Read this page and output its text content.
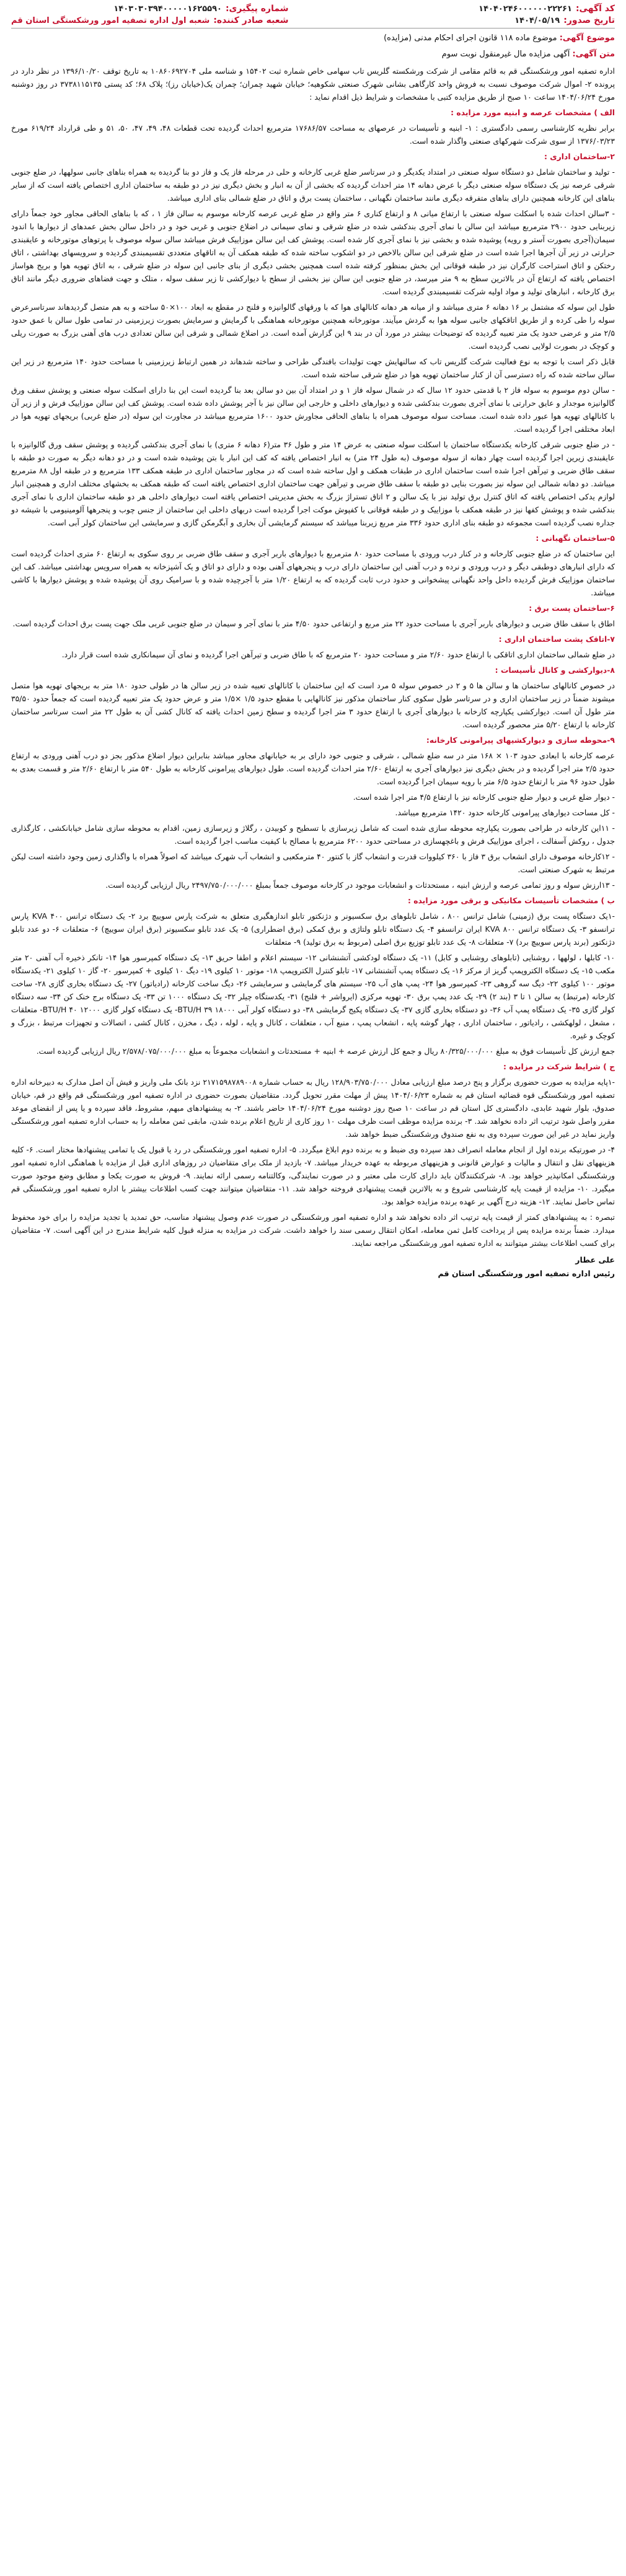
کد آگهی:
۱۴۰۴۰۲۴۶۰۰۰۰۰۰۲۲۲۶۱
تاریخ صدور:
۱۴۰۴/۰۵/۱۹
شماره پیگیری:
۱۴۰۳۰۳۰۳۹۴۰۰۰۰۰۱۶۲۵۵۹۰
شعبه صادر کننده:
شعبه اول اداره تصفیه امور ورشکستگی استان قم
موضوع آگهی: موضوع ماده ۱۱۸ قانون اجرای احکام مدنی (مزایده)
متن آگهی: آگهی مزایده مال غیرمنقول نوبت سوم

اداره تصفیه امور ورشکستگی قم به قائم مقامی از شرکت ورشکسته گلریس تاب سهامی خاص شماره ثبت ۱۵۴۰۲ و شناسه ملی ۱۰۸۶۰۶۹۲۷۰۴ به تاریخ توقف ۱۳۹۶/۱۰/۲۰ در نظر دارد در پرونده ۲- اموال شرکت موصوف نسبت به فروش واحد کارگاهی بشانی شهرک صنعتی شکوهیه؛ خیابان شهید چمران؛ چمران یک(خیابان رز)؛ پلاک ۶۸؛ کد پستی ۳۷۳۸۱۱۵۱۳۵ در روز دوشنبه مورخ ۱۴۰۴/۰۶/۲۴ ساعت ۱۰ صبح از طریق مزایده کتبی با مشخصات و شرایط ذیل اقدام نماید :

الف ) مشخصات عرصه و ابنیه مورد مزایده :

برابر نظریه کارشناسی رسمی دادگستری : ۱- ابنیه و تأسیسات در عرصهای به مساحت ۱۷۶۸۶/۵۷ مترمربع احداث گردیده تحت قطعات ۴۸، ۴۹، ۴۷، ۵۰، ۵۱ و طی قرارداد ۶۱۹/۲۴ مورخ ۱۳۷۶/۰۳/۲۳ از سوی شرکت شهرکهای صنعتی واگذار شده است.

۲-ساختمان اداری :

- تولید و ساختمان شامل دو دستگاه سوله صنعتی در امتداد یکدیگر و در سرتاسر ضلع غربی کارخانه و حلی در مرحله فاز یک و فاز دو بنا گردیده به همراه بناهای جانبی سولهها، در ضلع جنوبی شرقی عرصه نیز یک دستگاه سوله صنعتی دیگر با عرض دهانه ۱۴ متر احداث گردیده که بخشی از آن به انبار و بخش دیگری نیز در دو طبقه به ساختمان اداری اختصاص یافته است که از سایر بناهای این کارخانه همچنین دارای بناهای متفرقه دیگری مانند ساختمان نگهبانی ، ساختمان پست برق و اتاق در ضلع شمالی بنای اداری میباشد.

- ۳سالن احداث شده با اسکلت سوله صنعتی با ارتفاع میانی ۸ و ارتفاع کناری ۶ متر واقع در ضلع غربی عرصه کارخانه موسوم به سالن فاز ۱ ، که با بناهای الحاقی مجاور خود جمعاً دارای زیربنایی حدود ۲۹۰۰ مترمربع میباشد این سالن با نمای آجری بندکشی شده در ضلع شرقی و نمای سیمانی در اضلاع جنوبی و غربی خود و در داخل سالن بخش عمدهای از دیوارها با اندود سیمان(آجری بصورت آستر و رویه) پوشیده شده و بخشی نیز با نمای آجری کار شده است. پوشش کف این سالن موزاییک فرش میباشد سالن سوله موصوف با پرتوهای موتورخانه و عایقبندی حرارتی در زیر آن آجرها اجرا شده است در ضلع شرقی این سالن بالاخص در دو اشکوب ساخته شده که طبقه همکف آن به اتاقهای متعددی تقسیمبندی گردیده و سرویسهای بهداشتی ، اتاق رختکن و اتاق استراحت کارگران نیز در طبقه فوقانی این بخش بمنظور کرفته شده است همچنین بخشی دیگری از بنای جانبی این سوله در ضلع شرقی ، به اتاق تهویه هوا و بریج هواساز اختصاص یافته که ارتفاع آن در بالاترین سطح به ۹ متر میرسد، در ضلع جنوبی این سالن نیز بخشی از سطح با دیوارکشی تا زیر سقف سوله ، متلک و جهت فضاهای ضروری دیگر مانند اتاق برق کارخانه ، انبارهای تولید و مواد اولیه شرکت تقسیمبندی گردیده است.

طول این سوله که مشتمل بر ۱۶ دهانه ۶ متری میباشد و از میانه هر دهانه کانالهای هوا که با ورقهای گالوانیزه و فلنج در مقطع به ابعاد ۱۰۰×۵۰ ساخته و به هم متصل گردیدهاند سرتاسرعرض سوله را طی کرده و از طریق اتاقکهای جانبی سوله هوا به گردش میآیند. موتورخانه همچنین موتورخانه هماهنگی با گرمایش و سرمایش بصورت زیرزمینی در تمامی طول سالن با عمق حدود ۲/۵ متر و عرضی حدود یک متر تعبیه گردیده که توضیحات بیشتر در مورد آن در بند ۹ این گزارش آمده است. در اضلاع شمالی و شرقی این سالن تعدادی درب های آهنی بزرگ به صورت ریلی و کوچک در بصورت لولایی نصب گردیده است.

قابل ذکر است با توجه به نوع فعالیت شرکت گلریس تاب که سالنهایش جهت تولیدات بافندگی طراحی و ساخته شدهاند در همین ارتباط زیرزمینی با مساحت حدود ۱۴۰ مترمربع در زیر این سالن ساخته شده که راه دسترسی آن از کنار ساختمان تهویه هوا در ضلع شرقی ساخته شده است.

- سالن دوم موسوم به سوله فاز ۲ با قدمتی حدود ۱۲ سال که در شمال سوله فاز ۱ و در امتداد آن بین دو سالن بعد بنا گردیده است این بنا دارای اسکلت سوله صنعتی و پوشش سقف ورق گالوانیزه موجدار و عایق حرارتی با نمای آجری بصورت بندکشی شده و دیوارهای داخلی و خارجی این سالن نیز با آجر پوشش داده شده است. پوشش کف این سالن موزاییک فرش و از زیر آن با کانالهای تهویه هوا عبور داده شده است. مساحت سوله موصوف همراه با بناهای الحاقی مجاورش حدود ۱۶۰۰ مترمربع میباشد در مجاورت این سوله (در ضلع غربی) بریجهای تهویه هوا در ابعاد مختلفی اجرا گردیده است.

- در ضلع جنوبی شرقی کارخانه یکدستگاه ساختمان با اسکلت سوله صنعتی به عرض ۱۴ متر و طول ۳۶ متر(۶ دهانه ۶ متری) با نمای آجری بندکشی گردیده و پوشش سقف ورق گالوانیزه با عایقبندی زیرین اجرا گردیده است چهار دهانه از سوله موصوف (به طول ۲۴ متر) به انبار اختصاص یافته که کف این انبار با بتن پوشیده شده است و در دو دهانه دیگر به صورت دو طبقه با سقف طاق ضربی و تیرآهن اجرا شده است ساختمان اداری در طبقات همکف و اول ساخته شده است که در مجاور ساختمان اداری در طبقه همکف ۱۳۳ مترمربع و در طبقه اول ۸۸ مترمربع میباشد. دو دهانه شمالی این سوله نیز بصورت بنایی دو طبقه با سقف طاق ضربی و تیرآهن جهت ساختمان اداری اختصاص یافته است که طبقه همکف به بخشهای مختلف اداری و همچنین انبار لوازم یدکی اختصاص یافته که اتاق کنترل برق تولید نیز با یک سالن و ۲ اتاق تستراژ بزرگ به بخش مدیریتی اختصاص یافته است دیوارهای داخلی هر دو طبقه ساختمان اداری با نمای آجری بندکشی شده و پوشش کفها نیز در طبقه همکف با موزاییک و در طبقه فوقانی با کفپوش موکت اجرا گردیده است دربهای داخلی این ساختمان از جنس چوب و پنجرهها آلومینیومی با شیشه دو جداره نصب گردیده است مجموعه دو طبقه بنای اداری حدود ۳۳۶ متر مربع زیربنا میباشد که سیستم گرمایشی آن بخاری و آبگرمکن گازی و سرمایشی این ساختمان کولر آبی است.

۵-ساختمان نگهبانی :

این ساختمان که در ضلع جنوبی کارخانه و در کنار درب ورودی با مساحت حدود ۸۰ مترمربع با دیوارهای باربر آجری و سقف طاق ضربی بر روی سکوی به ارتفاع ۶۰ متری احداث گردیده است که دارای انبارهای دوطبقی دیگر و درب ورودی و نرده و درب آهنی این ساختمان دارای درب و پنجرههای آهنی بوده و دارای دو اتاق و یک آشپزخانه به همراه سرویس بهداشتی میباشد. کف این ساختمان موزاییک فرش گردیده داخل واحد نگهبانی پیشخوانی و حدود درب ثابت گردیده که به ارتفاع ۱/۲۰ متر با آجرچیده شده و با سرامیک روی آن پوشیده شده و پوشش دیوارها با کاشی میباشد.

۶-ساختمان پست برق :

اطاق با سقف طاق ضربی و دیوارهای باربر آجری با مساحت حدود ۲۲ متر مربع و ارتفاعی حدود ۴/۵۰ متر با نمای آجر و سیمان در ضلع جنوبی غربی ملک جهت پست برق احداث گردیده است.

۷-اتاقک پشت ساختمان اداری :

در ضلع شمالی ساختمان اداری اتاقکی با ارتفاع حدود ۲/۶۰ متر و مساحت حدود ۲۰ مترمربع که با طاق ضربی و تیرآهن اجرا گردیده و نمای آن سیمانکاری شده است قرار دارد.

۸-دیوارکشی و کانال تأسیسات :

در خصوص کانالهای ساختمان ها و سالن ها ۵ و ۲ در خصوص سوله ۵ مرد است که این ساختمان با کانالهای تعبیه شده در زیر سالن ها در طولی حدود ۱۸۰ متر به بریجهای تهویه هوا متصل میشوند ضمناً در زیر ساختمان اداری و در سرتاسر طول سکوی کنار ساختمان مذکور نیز کانالهایی با مقطع حدود ۱/۵ ×۱/۵ متر و عرض حدود یک متر تعبیه گردیده است که جمعاً حدود ۳۵/۵۰ متر طول آن است. دیوارکشی یکپارچه کارخانه با دیوارهای آجری با ارتفاع حدود ۳ متر اجرا گردیده و سطح زمین احداث یافته که کانال کشی آن به طول ۲۲ متر است سرتاسر ساختمان کارخانه با ارتفاع ۵/۲۰ متر محصور گردیده است.

۹-محوطه سازی و دیوارکشیهای پیرامونی کارخانه:

عرصه کارخانه با ابعادی حدود ۱۰۳ × ۱۶۸ متر در سه ضلع شمالی ، شرقی و جنوبی خود دارای بر به خیابانهای مجاور میباشد بنابراین دیوار اضلاع مذکور بجز دو درب آهنی ورودی به ارتفاع حدود ۲/۵ متر اجرا گردیده و در بخش دیگری نیز دیوارهای آجری به ارتفاع ۲/۶۰ متر احداث گردیده است. طول دیوارهای پیرامونی کارخانه به طول ۵۴۰ متر با ارتفاع ۲/۶۰ متر و قسمت بعدی به طول حدود ۹۶ متر با ارتفاع حدود ۶/۵ متر با رویه سیمان اجرا گردیده است.

- دیوار ضلع غربی و دیوار ضلع جنوبی کارخانه نیز با ارتفاع ۴/۵ متر اجرا شده است.

- کل مساحت دیوارهای پیرامونی کارخانه حدود ۱۴۲۰ مترمربع میباشد.

- ۱۱این کارخانه در طراحی بصورت یکپارچه محوطه سازی شده است که شامل زیرسازی با تسطیح و کوبیدن ، رگلاژ و زیرسازی زمین، اقدام به محوطه سازی شامل خیابانکشی ، کارگذاری جدول ، روکش آسفالت ، اجرای موزاییک فرش و باغچهسازی در مساحتی حدود ۶۲۰۰ مترمربع با مصالح با کیفیت مناسب اجرا گردیده است.

- ۱۲کارخانه موصوف دارای انشعاب برق ۳ فاز با ۳۶۰ کیلووات قدرت و انشعاب گاز با کنتور ۴۰ مترمکعبی و انشعاب آب شهرک میباشد که اصولاً همراه با واگذاری زمین وجود داشته است لیکن مرتبط به شهرک صنعتی است.

- ۱۳ارزش سوله و روز تمامی عرصه و ارزش ابنیه ، مستحدثات و انشعابات موجود در کارخانه موصوف جمعاً بمبلغ ۲۴۹۷/۷۵۰/۰۰۰/۰۰۰ ریال ارزیابی گردیده است.

ب ) مشخصات تأسیسات مکانیکی و برقی مورد مزایده :

-۱یک دستگاه پست برق (زمینی) شامل ترانس ۸۰۰ ، شامل تابلوهای برق سکسیونر و دژنکتور تابلو اندازهگیری متعلق به شرکت پارس سوییچ برد ۲- یک دستگاه ترانس ۴۰۰ KVA پارس ترانسفو ۳- یک دستگاه ترانس ۸۰۰ KVA ایران ترانسفو ۴- یک دستگاه تابلو ولتاژی و برق کمکی (برق اضطراری) ۵- یک عدد تابلو سکسیونر (برق ایران سوییچ) ۶- متعلقات ۶- دو عدد تابلو دژنکتور (برند پارس سوییچ برد) ۷- متعلقات ۸- یک عدد تابلو توزیع برق اصلی (مربوط به برق تولید) ۹- متعلقات

۱۰- کابلها ، لولهها ، روشنایی (تابلوهای روشنایی و کابل) ۱۱- یک دستگاه لودکشی آتشنشانی ۱۲- سیستم اعلام و اطفا حریق ۱۳- یک دستگاه کمپرسور هوا ۱۴- تانکر ذخیره آب آهنی ۲۰ متر مکعب ۱۵- یک دستگاه الکتروپمپ گریز از مرکز ۱۶- یک دستگاه پمپ آتشنشانی ۱۷- تابلو کنترل الکتروپمپ ۱۸- موتور ۱۰ کیلوی ۱۹- دیگ ۱۰ کیلوی + کمپرسور ۲۰- گاز ۱۰ کیلوی ۲۱- یکدستگاه موتور ۱۰۰ کیلوی ۲۲- دیگ سه گروهی ۲۳- کمپرسور هوا ۲۴- پمپ های آب ۲۵- سیستم های گرمایشی و سرمایشی ۲۶- دیگ ساخت کارخانه (رادیاتور) ۲۷- یک دستگاه بخاری گازی ۲۸- ساخت کارخانه (مرتبط) به سالن ۱ تا ۳ (بند ۲) ۲۹- یک عدد پمپ برق ۳۰- تهویه مرکزی (ایرواشر + فلنج) ۳۱- یکدستگاه چیلر ۳۲- یک دستگاه ۱۰۰۰ تن ۳۳- یک دستگاه برج خنک کن ۳۴- سه دستگاه کولر گازی ۳۵- یک دستگاه پمپ آب ۳۶- دو دستگاه بخاری گازی ۳۷- یک دستگاه پکیج گرمایشی ۳۸- دو دستگاه کولر آبی ۱۸۰۰۰ BTU/H ۳۹- یک دستگاه کولر گازی ۱۲۰۰۰ BTU/H ۴۰- متعلقات ، مشعل ، لولهکشی ، رادیاتور ، ساختمان اداری ، چهار گوشه پایه ، انشعاب پمپ ، منبع آب ، متعلقات ، کانال و پایه ، لوله ، دیگ ، مخزن ، کانال کشی ، اتصالات و تجهیزات مرتبط ، بزرگ و کوچک و غیره.

جمع ارزش کل تأسیسات فوق به مبلغ ۸۰/۳۲۵/۰۰۰/۰۰۰ ریال و جمع کل ارزش عرصه + ابنیه + مستحدثات و انشعابات مجموعاً به مبلغ ۲/۵۷۸/۰۷۵/۰۰۰/۰۰۰ ریال ارزیابی گردیده است.

ج ) شرایط شرکت در مزایده :

-۱پایه مزایده به صورت حضوری برگزار و پنج درصد مبلغ ارزیابی معادل ۱۲۸/۹۰۳/۷۵۰/۰۰۰ ریال به حساب شماره ۲۱۷۱۵۹۸۷۸۹۰۰۸ نزد بانک ملی واریز و فیش آن اصل مدارک به دبیرخانه اداره تصفیه امور ورشکستگی قوه قضائیه استان قم به شماره ۱۴۰۴/۰۶/۲۳ پیش از مهلت مقرر تحویل گردد. متقاضیان بصورت حضوری در اداره تصفیه امور ورشکستگی قم واقع در قم، خیابان صدوق، بلوار شهید عابدی، دادگستری کل استان قم در ساعت ۱۰ صبح روز دوشنبه مورخ ۱۴۰۴/۰۶/۲۴ حاضر باشند. ۲- به پیشنهادهای مبهم، مشروط، فاقد سپرده و یا پس از انقضای موعد مقرر واصل شود ترتیب اثر داده نخواهد شد. ۳- برنده مزایده موظف است ظرف مهلت ۱۰ روز کاری از تاریخ اعلام برنده شدن، مابقی ثمن معامله را به حساب اداره تصفیه امور ورشکستگی واریز نماید در غیر این صورت سپرده وی به نفع صندوق ورشکستگی ضبط خواهد شد.

۴- در صورتیکه برنده اول از انجام معامله انصراف دهد سپرده وی ضبط و به برنده دوم ابلاغ میگردد. ۵- اداره تصفیه امور ورشکستگی در رد یا قبول یک یا تمامی پیشنهادها مختار است. ۶- کلیه هزینههای نقل و انتقال و مالیات و عوارض قانونی و هزینههای مربوطه به عهده خریدار میباشد. ۷- بازدید از ملک برای متقاضیان در روزهای اداری قبل از مزایده با هماهنگی اداره تصفیه امور ورشکستگی امکانپذیر خواهد بود. ۸- شرکتکنندگان باید دارای کارت ملی معتبر و در صورت نمایندگی، وکالتنامه رسمی ارائه نمایند. ۹- فروش به صورت یکجا و مطابق وضع موجود صورت میگیرد. ۱۰- مزایده از قیمت پایه کارشناسی شروع و به بالاترین قیمت پیشنهادی فروخته خواهد شد. ۱۱- متقاضیان میتوانند جهت کسب اطلاعات بیشتر با اداره تصفیه امور ورشکستگی قم تماس حاصل نمایند. ۱۲- هزینه درج آگهی بر عهده برنده مزایده خواهد بود.

تبصره : به پیشنهادهای کمتر از قیمت پایه ترتیب اثر داده نخواهد شد و اداره تصفیه امور ورشکستگی در صورت عدم وصول پیشنهاد مناسب، حق تمدید یا تجدید مزایده را برای خود محفوظ میدارد. ضمناً برنده مزایده پس از پرداخت کامل ثمن معامله، امکان انتقال رسمی سند را خواهد داشت. شرکت در مزایده به منزله قبول کلیه شرایط مندرج در این آگهی است. ۷- متقاضیان برای کسب اطلاعات بیشتر میتوانند به اداره تصفیه امور ورشکستگی مراجعه نمایند.

علی عطار
رئیس اداره تصفیه امور ورشکستگی استان قم
